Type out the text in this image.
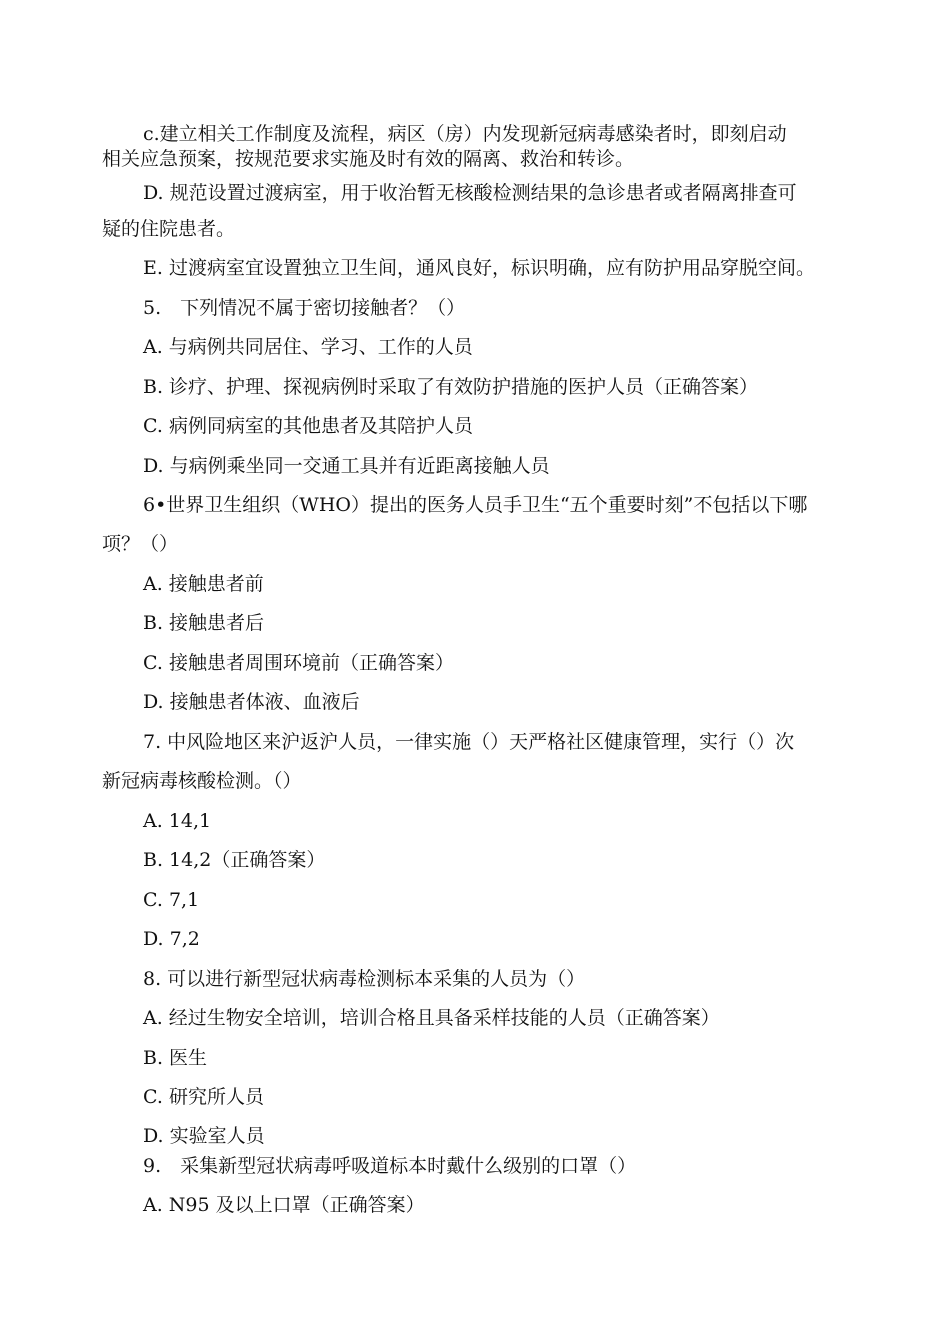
c.建立相关工作制度及流程，病区（房）内发现新冠病毒感染者时，即刻启动
相关应急预案，按规范要求实施及时有效的隔离、救治和转诊。
D. 规范设置过渡病室，用于收治暂无核酸检测结果的急诊患者或者隔离排查可
疑的住院患者。
E. 过渡病室宜设置独立卫生间，通风良好，标识明确，应有防护用品穿脱空间。
5.　下列情况不属于密切接触者？（）
A. 与病例共同居住、学习、工作的人员
B. 诊疗、护理、探视病例时采取了有效防护措施的医护人员（正确答案）
C. 病例同病室的其他患者及其陪护人员
D. 与病例乘坐同一交通工具并有近距离接触人员
6•世界卫生组织（WHO）提出的医务人员手卫生“五个重要时刻”不包括以下哪
项？（）
A. 接触患者前
B. 接触患者后
C. 接触患者周围环境前（正确答案）
D. 接触患者体液、血液后
7. 中风险地区来沪返沪人员，一律实施（）天严格社区健康管理，实行（）次
新冠病毒核酸检测。（）
A. 14,1
B. 14,2（正确答案）
C. 7,1
D. 7,2
8. 可以进行新型冠状病毒检测标本采集的人员为（）
A. 经过生物安全培训，培训合格且具备采样技能的人员（正确答案）
B. 医生
C. 研究所人员
D. 实验室人员
9.　采集新型冠状病毒呼吸道标本时戴什么级别的口罩（）
A. N95 及以上口罩（正确答案）
